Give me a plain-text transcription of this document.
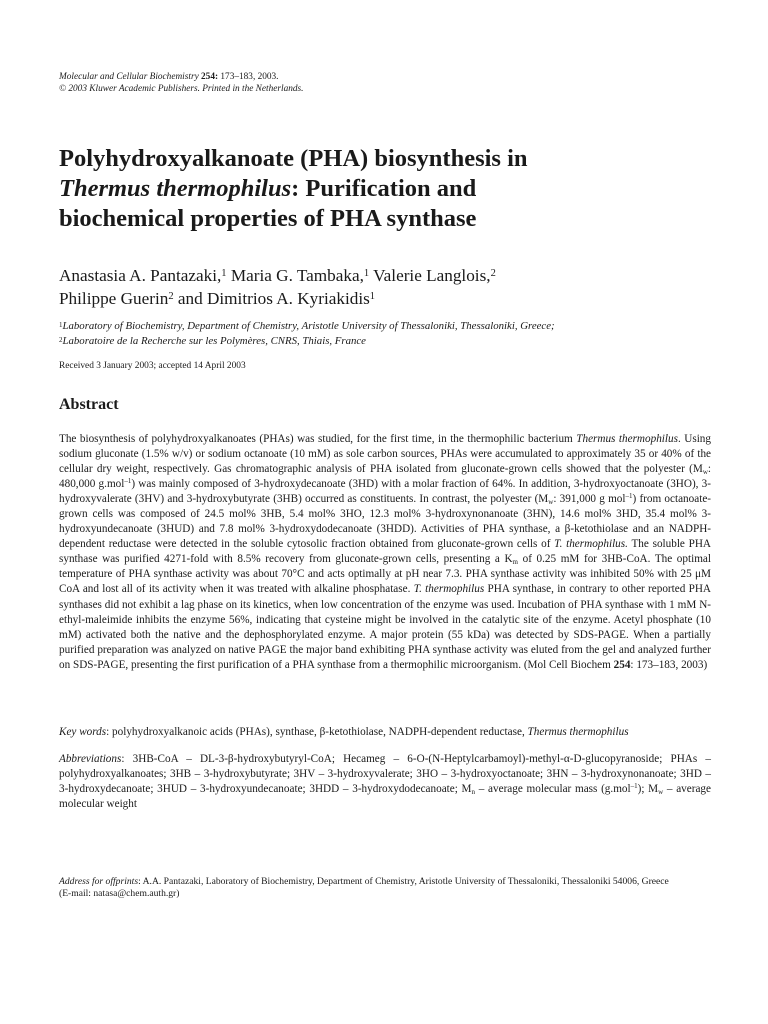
Molecular and Cellular Biochemistry 254: 173–183, 2003.
© 2003 Kluwer Academic Publishers. Printed in the Netherlands.
Polyhydroxyalkanoate (PHA) biosynthesis in
Thermus thermophilus: Purification and
biochemical properties of PHA synthase
Anastasia A. Pantazaki,$^1$ Maria G. Tambaka,$^1$ Valerie Langlois,$^2$
Philippe Guerin$^2$ and Dimitrios A. Kyriakidis$^1$
$^1$Laboratory of Biochemistry, Department of Chemistry, Aristotle University of Thessaloniki, Thessaloniki, Greece;
$^2$Laboratoire de la Recherche sur les Polymères, CNRS, Thiais, France
Received 3 January 2003; accepted 14 April 2003
Abstract

The biosynthesis of polyhydroxyalkanoates (PHAs) was studied, for the first time, in the thermophilic bacterium Thermus thermophilus. Using sodium gluconate (1.5% w/v) or sodium octanoate (10 mM) as sole carbon sources, PHAs were accumulated to approximately 35 or 40% of the cellular dry weight, respectively. Gas chromatographic analysis of PHA isolated from gluconate-grown cells showed that the polyester ($M_w$: 480,000 g.mol$^{-1}$) was mainly composed of 3-hydroxydecanoate (3HD) with a molar fraction of 64%. In addition, 3-hydroxyoctanoate (3HO), 3-hydroxyvalerate (3HV) and 3-hydroxybutyrate (3HB) occurred as constituents. In contrast, the polyester ($M_w$: 391,000 g mol$^{-1}$) from octanoate-grown cells was composed of 24.5 mol% 3HB, 5.4 mol% 3HO, 12.3 mol% 3-hydroxynonanoate (3HN), 14.6 mol% 3HD, 35.4 mol% 3-hydroxyundecanoate (3HUD) and 7.8 mol% 3-hydroxydodecanoate (3HDD). Activities of PHA synthase, a β-ketothiolase and an NADPH-dependent reductase were detected in the soluble cytosolic fraction obtained from gluconate-grown cells of T. thermophilus. The soluble PHA synthase was purified 4271-fold with 8.5% recovery from gluconate-grown cells, presenting a $K_m$ of 0.25 mM for 3HB-CoA. The optimal temperature of PHA synthase activity was about 70°C and acts optimally at pH near 7.3. PHA synthase activity was inhibited 50% with 25 μM CoA and lost all of its activity when it was treated with alkaline phosphatase. T. thermophilus PHA synthase, in contrary to other reported PHA synthases did not exhibit a lag phase on its kinetics, when low concentration of the enzyme was used. Incubation of PHA synthase with 1 mM N-ethyl-maleimide inhibits the enzyme 56%, indicating that cysteine might be involved in the catalytic site of the enzyme. Acetyl phosphate (10 mM) activated both the native and the dephosphorylated enzyme. A major protein (55 kDa) was detected by SDS-PAGE. When a partially purified preparation was analyzed on native PAGE the major band exhibiting PHA synthase activity was eluted from the gel and analyzed further on SDS-PAGE, presenting the first purification of a PHA synthase from a thermophilic microorganism. (Mol Cell Biochem 254: 173–183, 2003)

Key words: polyhydroxyalkanoic acids (PHAs), synthase, β-ketothiolase, NADPH-dependent reductase, Thermus thermophilus

Abbreviations: 3HB-CoA – DL-3-β-hydroxybutyryl-CoA; Hecameg – 6-O-(N-Heptylcarbamoyl)-methyl-α-D-glucopyranoside; PHAs – polyhydroxyalkanoates; 3HB – 3-hydroxybutyrate; 3HV – 3-hydroxyvalerate; 3HO – 3-hydroxyoctanoate; 3HN – 3-hydroxynonanoate; 3HD – 3-hydroxydecanoate; 3HUD – 3-hydroxyundecanoate; 3HDD – 3-hydroxydodecanoate; $M_n$ – average molecular mass (g.mol$^{-1}$); $M_w$ – average molecular weight

Address for offprints: A.A. Pantazaki, Laboratory of Biochemistry, Department of Chemistry, Aristotle University of Thessaloniki, Thessaloniki 54006, Greece
(E-mail: natasa@chem.auth.gr)
